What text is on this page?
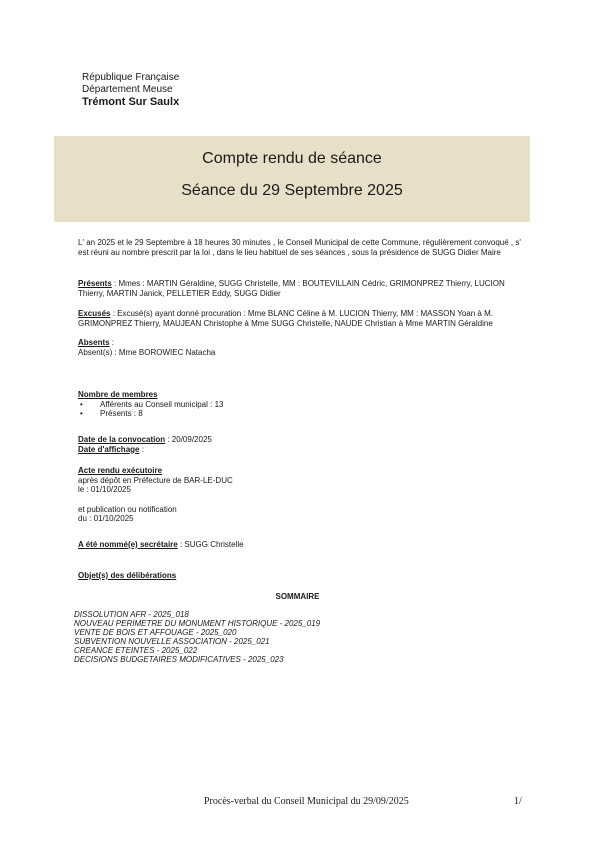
République Française
Département Meuse
Trémont Sur Saulx
Compte rendu de séance
Séance du 29 Septembre 2025
L' an 2025 et le 29 Septembre à 18 heures 30 minutes , le Conseil Municipal de cette Commune, régulièrement convoqué , s' est réuni au nombre prescrit par la loi , dans le lieu habituel de ses séances , sous la présidence de SUGG Didier Maire
Présents : Mmes : MARTIN Géraldine, SUGG Christelle, MM : BOUTEVILLAIN Cédric, GRIMONPREZ Thierry, LUCION Thierry, MARTIN Janick, PELLETIER Eddy, SUGG Didier
Excusés : Excusé(s) ayant donné procuration : Mme BLANC Céline à M. LUCION Thierry, MM : MASSON Yoan à M. GRIMONPREZ Thierry, MAUJEAN Christophe à Mme SUGG Christelle, NAUDE Christian à Mme MARTIN Géraldine
Absents :
Absent(s) : Mme BOROWIEC Natacha
Nombre de membres
• Afférents au Conseil municipal : 13
• Présents : 8
Date de la convocation : 20/09/2025
Date d'affichage :
Acte rendu exécutoire
après dépôt en Préfecture de BAR-LE-DUC
le : 01/10/2025
et publication ou notification
du : 01/10/2025
A été nommé(e) secrétaire : SUGG Christelle
Objet(s) des délibérations
SOMMAIRE
DISSOLUTION AFR - 2025_018
NOUVEAU PERIMETRE DU MONUMENT HISTORIQUE - 2025_019
VENTE DE BOIS ET AFFOUAGE - 2025_020
SUBVENTION NOUVELLE ASSOCIATION - 2025_021
CREANCE ETEINTES - 2025_022
DECISIONS BUDGETAIRES MODIFICATIVES - 2025_023
Procès-verbal du Conseil Municipal du 29/09/2025	1/
